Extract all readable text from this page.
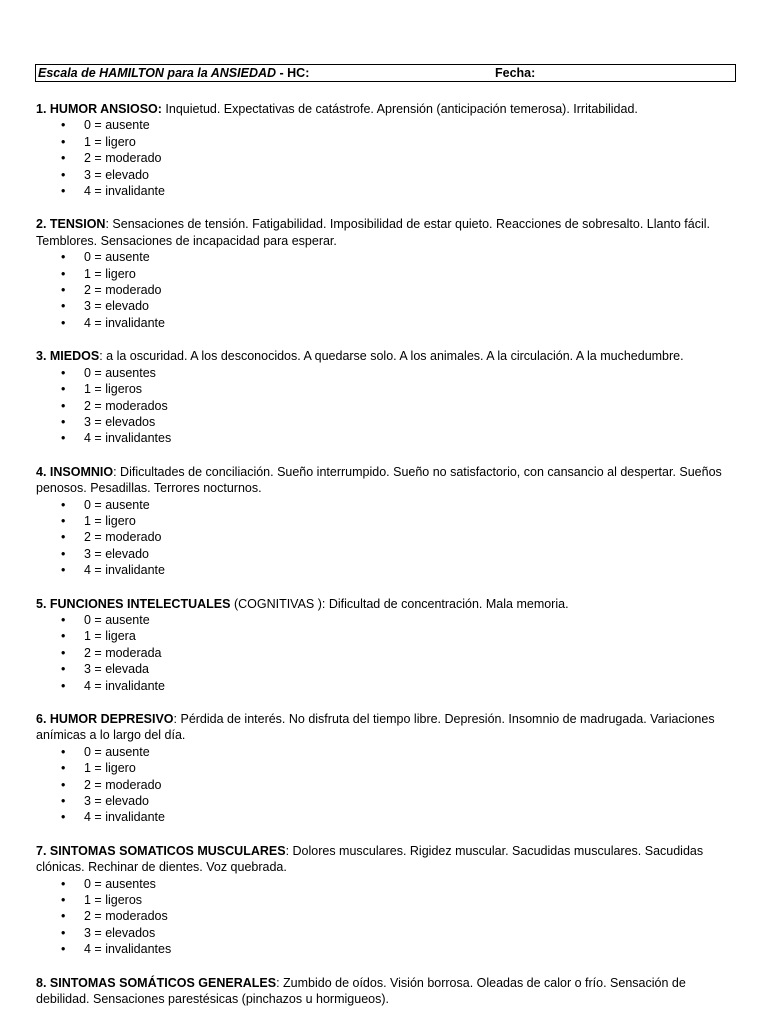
Escala de HAMILTON para la ANSIEDAD - HC:	Fecha:

1. HUMOR ANSIOSO: Inquietud. Expectativas de catástrofe. Aprensión (anticipación temerosa). Irritabilidad.

• 0 = ausente
• 1 = ligero
• 2 = moderado
• 3 = elevado
• 4 = invalidante

2. TENSION: Sensaciones de tensión. Fatigabilidad. Imposibilidad de estar quieto. Reacciones de sobresalto. Llanto fácil. Temblores. Sensaciones de incapacidad para esperar.

• 0 = ausente
• 1 = ligero
• 2 = moderado
• 3 = elevado
• 4 = invalidante

3. MIEDOS: a la oscuridad. A los desconocidos. A quedarse solo. A los animales. A la circulación. A la muchedumbre.

• 0 = ausentes
• 1 = ligeros
• 2 = moderados
• 3 = elevados
• 4 = invalidantes

4. INSOMNIO: Dificultades de conciliación. Sueño interrumpido. Sueño no satisfactorio, con cansancio al despertar. Sueños penosos. Pesadillas. Terrores nocturnos.

• 0 = ausente
• 1 = ligero
• 2 = moderado
• 3 = elevado
• 4 = invalidante

5. FUNCIONES INTELECTUALES (COGNITIVAS ): Dificultad de concentración. Mala memoria.

• 0 = ausente
• 1 = ligera
• 2 = moderada
• 3 = elevada
• 4 = invalidante

6. HUMOR DEPRESIVO: Pérdida de interés. No disfruta del tiempo libre. Depresión. Insomnio de madrugada. Variaciones anímicas a lo largo del día.

• 0 = ausente
• 1 = ligero
• 2 = moderado
• 3 = elevado
• 4 = invalidante

7. SINTOMAS SOMATICOS MUSCULARES: Dolores musculares. Rigidez muscular. Sacudidas musculares. Sacudidas clónicas. Rechinar de dientes. Voz quebrada.

• 0 = ausentes
• 1 = ligeros
• 2 = moderados
• 3 = elevados
• 4 = invalidantes

8. SINTOMAS SOMÁTICOS GENERALES: Zumbido de oídos. Visión borrosa. Oleadas de calor o frío. Sensación de debilidad. Sensaciones parestésicas (pinchazos u hormigueos).
